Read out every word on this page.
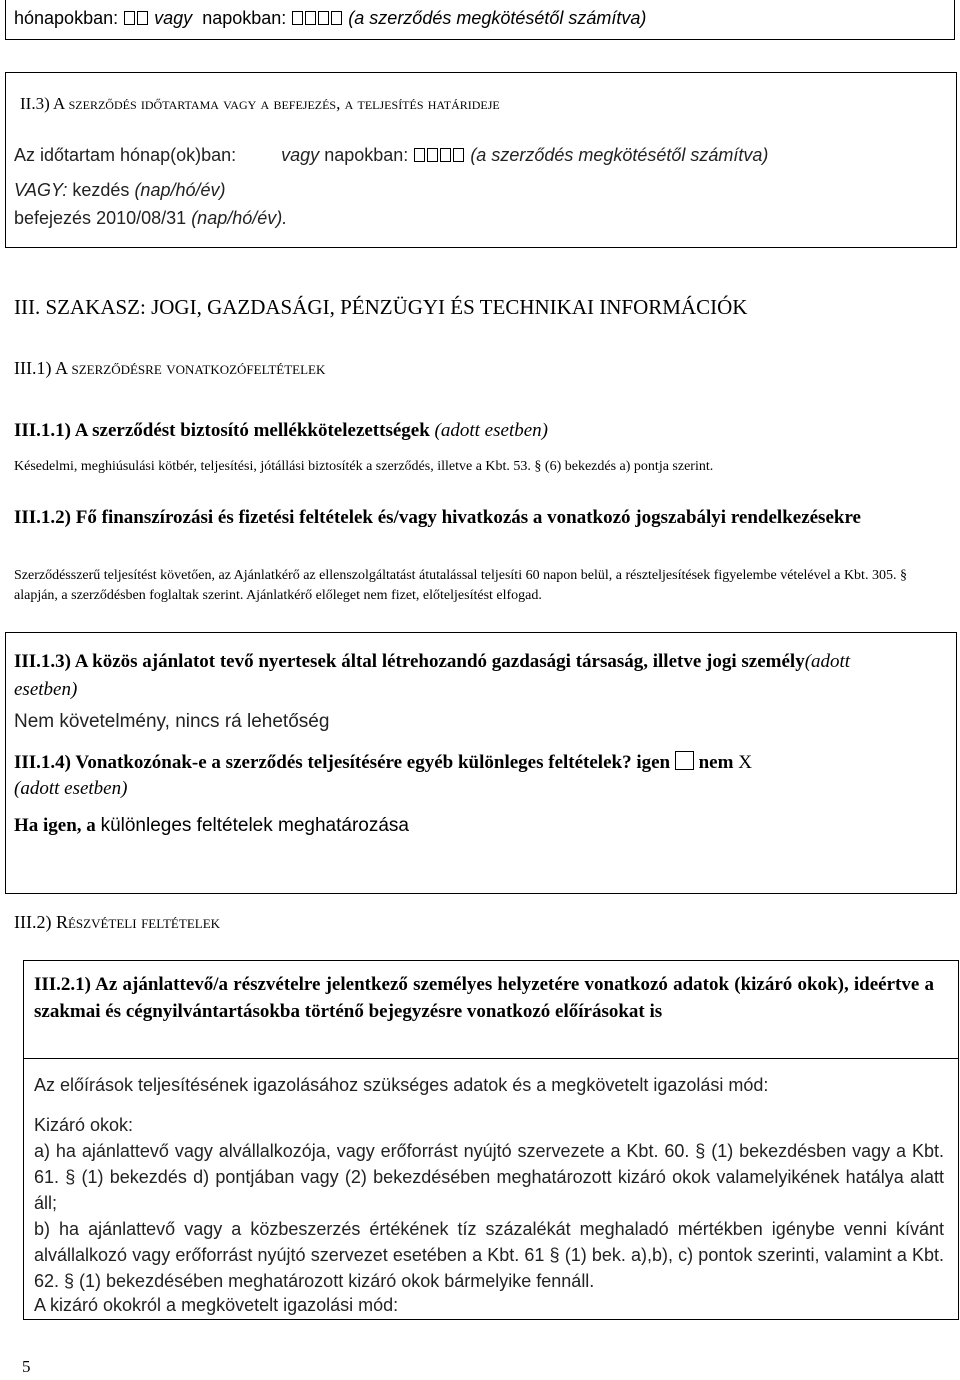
hónapokban: vagy napokban:	(a szerződés megkötésétől számítva)
II.3) A szerződés időtartama vagy a befejezés, a teljesítés határideje
Az időtartam hónap(ok)ban:	vagy napokban:	(a szerződés megkötésétől számítva)
VAGY: kezdés (nap/hó/év)
befejezés 2010/08/31 (nap/hó/év).
III. SZAKASZ: JOGI, GAZDASÁGI, PÉNZÜGYI ÉS TECHNIKAI INFORMÁCIÓK
III.1) A szerződésre vonatkozófeltételek
III.1.1) A szerződést biztosító mellékkötelezettségek (adott esetben)
Késedelmi, meghiúsulási kötbér, teljesítési, jótállási biztosíték a szerződés, illetve a Kbt. 53. § (6) bekezdés a) pontja szerint.
III.1.2) Fő finanszírozási és fizetési feltételek és/vagy hivatkozás a vonatkozó jogszabályi rendelkezésekre
Szerződésszerű teljesítést követően, az Ajánlatkérő az ellenszolgáltatást átutalással teljesíti 60 napon belül, a részteljesítések figyelembe vételével a Kbt. 305. § alapján, a szerződésben foglaltak szerint. Ajánlatkérő előleget nem fizet, előteljesítést elfogad.
III.1.3) A közös ajánlatot tevő nyertesek által létrehozandó gazdasági társaság, illetve jogi személy(adott esetben)
Nem követelmény, nincs rá lehetőség
III.1.4) Vonatkozónak-e a szerződés teljesítésére egyéb különleges feltételek? igen nem X
(adott esetben)
Ha igen, a különleges feltételek meghatározása
III.2) Részvételi feltételek
III.2.1) Az ajánlattevő/a részvételre jelentkező személyes helyzetére vonatkozó adatok (kizáró okok), ideértve a szakmai és cégnyilvántartásokba történő bejegyzésre vonatkozó előírásokat is
Az előírások teljesítésének igazolásához szükséges adatok és a megkövetelt igazolási mód:
Kizáró okok:
a) ha ajánlattevő vagy alvállalkozója, vagy erőforrást nyújtó szervezete a Kbt. 60. § (1) bekezdésben vagy a Kbt. 61. § (1) bekezdés d) pontjában vagy (2) bekezdésében meghatározott kizáró okok valamelyikének hatálya alatt áll;
b) ha ajánlattevő vagy a közbeszerzés értékének tíz százalékát meghaladó mértékben igénybe venni kívánt alvállalkozó vagy erőforrást nyújtó szervezet esetében a Kbt. 61 § (1) bek. a),b), c) pontok szerinti, valamint a Kbt. 62. § (1) bekezdésében meghatározott kizáró okok bármelyike fennáll.
A kizáró okokról a megkövetelt igazolási mód:
5
